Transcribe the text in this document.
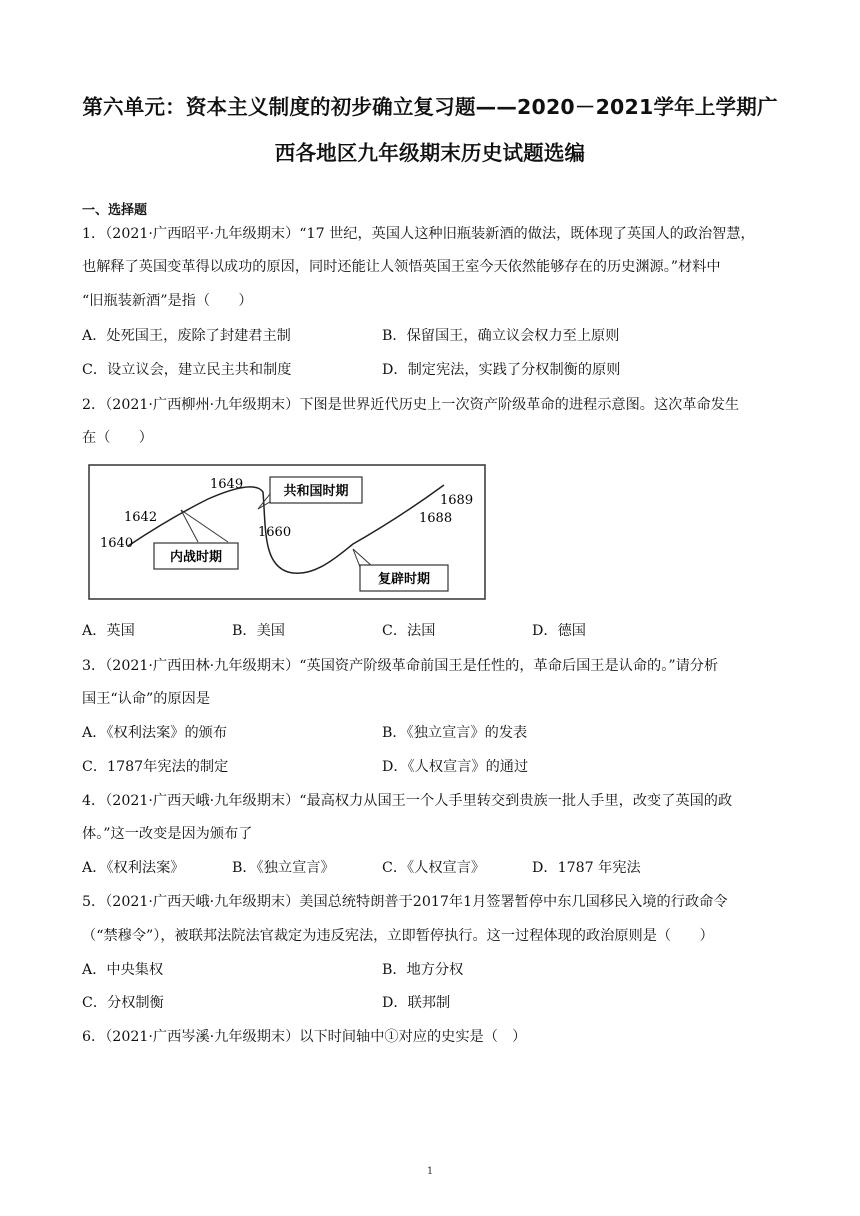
第六单元：资本主义制度的初步确立复习题——2020－2021学年上学期广
西各地区九年级期末历史试题选编
一、选择题
1．（2021·广西昭平·九年级期末）“17 世纪，英国人这种旧瓶装新酒的做法，既体现了英国人的政治智慧，
也解释了英国变革得以成功的原因，同时还能让人领悟英国王室今天依然能够存在的历史渊源。”材料中
“旧瓶装新酒”是指（　　）
A．处死国王，废除了封建君主制	B．保留国王，确立议会权力至上原则
C．设立议会，建立民主共和制度	D．制定宪法，实践了分权制衡的原则
2．（2021·广西柳州·九年级期末）下图是世界近代历史上一次资产阶级革命的进程示意图。这次革命发生
在（　　）
1640
1642
1649
1660
1688
1689
内战时期
共和国时期
复辟时期
A．英国	B．美国	C．法国	D．德国
3．（2021·广西田林·九年级期末）“英国资产阶级革命前国王是任性的，革命后国王是认命的。”请分析
国王“认命”的原因是
A．《权利法案》的颁布	B．《独立宣言》的发表
C．1787年宪法的制定	D．《人权宣言》的通过
4．（2021·广西天峨·九年级期末）“最高权力从国王一个人手里转交到贵族一批人手里，改变了英国的政
体。”这一改变是因为颁布了
A．《权利法案》	B．《独立宣言》	C．《人权宣言》	D．1787 年宪法
5．（2021·广西天峨·九年级期末）美国总统特朗普于2017年1月签署暂停中东几国移民入境的行政命令
（“禁穆令”），被联邦法院法官裁定为违反宪法，立即暂停执行。这一过程体现的政治原则是（　　）
A．中央集权	B．地方分权
C．分权制衡	D．联邦制
6．（2021·广西岑溪·九年级期末）以下时间轴中①对应的史实是（　）
1
